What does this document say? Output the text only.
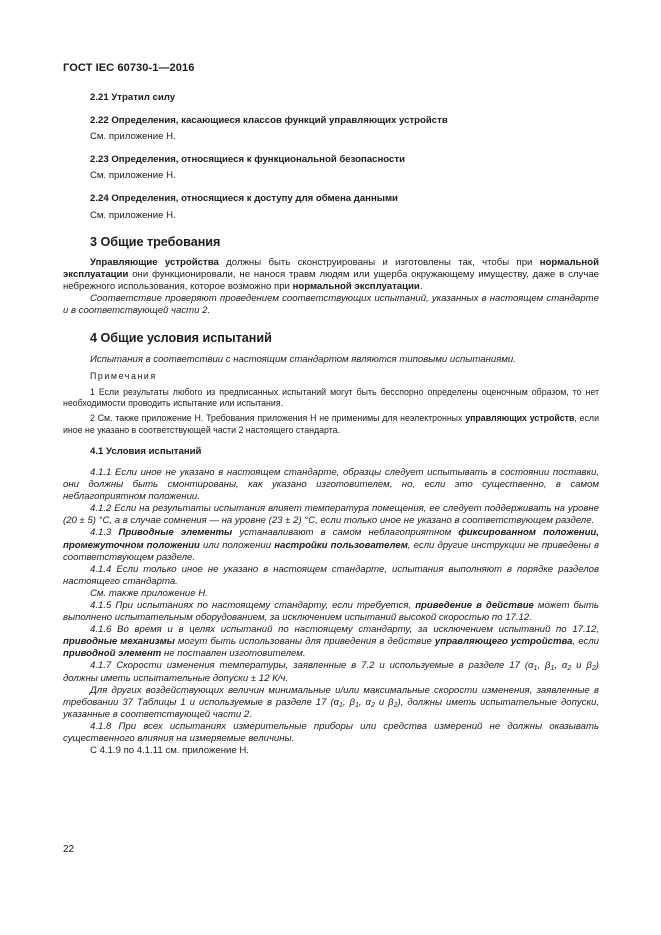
ГОСТ IEC 60730-1—2016
2.21 Утратил силу
2.22 Определения, касающиеся классов функций управляющих устройств
См. приложение Н.
2.23 Определения, относящиеся к функциональной безопасности
См. приложение Н.
2.24 Определения, относящиеся к доступу для обмена данными
См. приложение Н.
3 Общие требования

Управляющие устройства должны быть сконструированы и изготовлены так, чтобы при нормальной эксплуатации они функционировали, не нанося травм людям или ущерба окружающему имуществу, даже в случае небрежного использования, которое возможно при нормальной эксплуатации.

Соответствие проверяют проведением соответствующих испытаний, указанных в настоящем стандарте и в соответствующей части 2.

4 Общие условия испытаний

Испытания в соответствии с настоящим стандартом являются типовыми испытаниями.

Примечания

1 Если результаты любого из предписанных испытаний могут быть бесспорно определены оценочным образом, то нет необходимости проводить испытание или испытания.

2 См. также приложение Н. Требования приложения Н не применимы для неэлектронных управляющих устройств, если иное не указано в соответствующей части 2 настоящего стандарта.

4.1 Условия испытаний

4.1.1 Если иное не указано в настоящем стандарте, образцы следует испытывать в состоянии поставки, они должны быть смонтированы, как указано изготовителем, но, если это существенно, в самом неблагоприятном положении.

4.1.2 Если на результаты испытания влияет температура помещения, ее следует поддерживать на уровне (20 ± 5) °С, а в случае сомнения — на уровне (23 ± 2) °С, если только иное не указано в соответствующем разделе.

4.1.3 Приводные элементы устанавливают в самом неблагоприятном фиксированном положении, промежуточном положении или положении настройки пользователем, если другие инструкции не приведены в соответствующем разделе.

4.1.4 Если только иное не указано в настоящем стандарте, испытания выполняют в порядке разделов настоящего стандарта.

См. также приложение Н.

4.1.5 При испытаниях по настоящему стандарту, если требуется, приведение в действие может быть выполнено испытательным оборудованием, за исключением испытаний высокой скоростью по 17.12.

4.1.6 Во время и в целях испытаний по настоящему стандарту, за исключением испытаний по 17.12, приводные механизмы могут быть использованы для приведения в действие управляющего устройства, если приводной элемент не поставлен изготовителем.

4.1.7 Скорости изменения температуры, заявленные в 7.2 и используемые в разделе 17 ($\alpha_1$, $\beta_1$, $\alpha_2$ и $\beta_2$) должны иметь испытательные допуски ± 12 К/ч.

Для других воздействующих величин минимальные и/или максимальные скорости изменения, заявленные в требовании 37 Таблицы 1 и используемые в разделе 17 ($\alpha_1$, $\beta_1$, $\alpha_2$ и $\beta_2$), должны иметь испытательные допуски, указанные в соответствующей части 2.

4.1.8 При всех испытаниях измерительные приборы или средства измерений не должны оказывать существенного влияния на измеряемые величины.

С 4.1.9 по 4.1.11 см. приложение Н.

22
